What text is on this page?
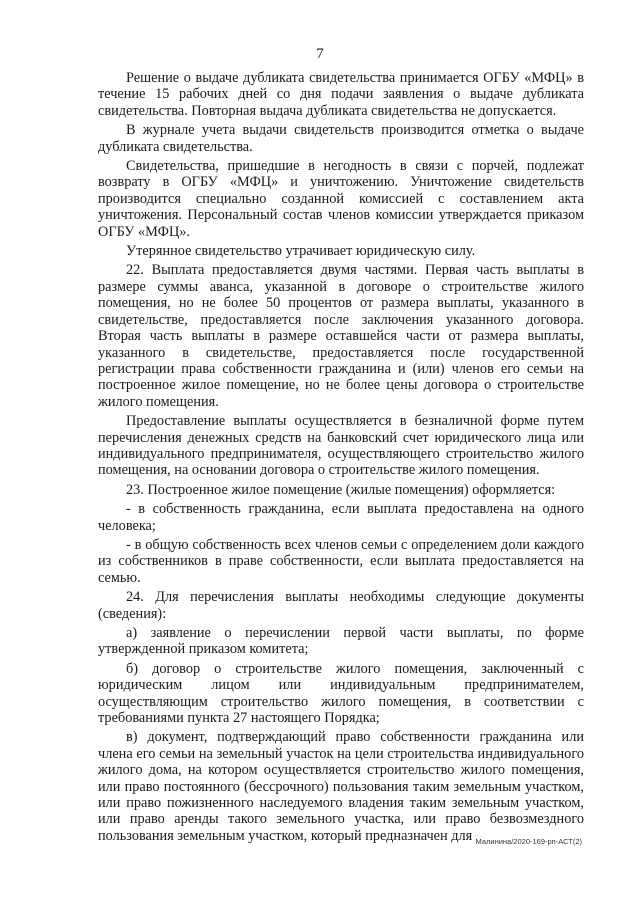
7

Решение о выдаче дубликата свидетельства принимается ОГБУ «МФЦ» в течение 15 рабочих дней со дня подачи заявления о выдаче дубликата свидетельства. Повторная выдача дубликата свидетельства не допускается.

В журнале учета выдачи свидетельств производится отметка о выдаче дубликата свидетельства.

Свидетельства, пришедшие в негодность в связи с порчей, подлежат возврату в ОГБУ «МФЦ» и уничтожению. Уничтожение свидетельств производится специально созданной комиссией с составлением акта уничтожения. Персональный состав членов комиссии утверждается приказом ОГБУ «МФЦ».

Утерянное свидетельство утрачивает юридическую силу.

22. Выплата предоставляется двумя частями. Первая часть выплаты в размере суммы аванса, указанной в договоре о строительстве жилого помещения, но не более 50 процентов от размера выплаты, указанного в свидетельстве, предоставляется после заключения указанного договора. Вторая часть выплаты в размере оставшейся части от размера выплаты, указанного в свидетельстве, предоставляется после государственной регистрации права собственности гражданина и (или) членов его семьи на построенное жилое помещение, но не более цены договора о строительстве жилого помещения.

Предоставление выплаты осуществляется в безналичной форме путем перечисления денежных средств на банковский счет юридического лица или индивидуального предпринимателя, осуществляющего строительство жилого помещения, на основании договора о строительстве жилого помещения.

23. Построенное жилое помещение (жилые помещения) оформляется:

- в собственность гражданина, если выплата предоставлена на одного человека;

- в общую собственность всех членов семьи с определением доли каждого из собственников в праве собственности, если выплата предоставляется на семью.

24. Для перечисления выплаты необходимы следующие документы (сведения):

а) заявление о перечислении первой части выплаты, по форме утвержденной приказом комитета;

б) договор о строительстве жилого помещения, заключенный с юридическим лицом или индивидуальным предпринимателем, осуществляющим строительство жилого помещения, в соответствии с требованиями пункта 27 настоящего Порядка;

в) документ, подтверждающий право собственности гражданина или члена его семьи на земельный участок на цели строительства индивидуального жилого дома, на котором осуществляется строительство жилого помещения, или право постоянного (бессрочного) пользования таким земельным участком, или право пожизненного наследуемого владения таким земельным участком, или право аренды такого земельного участка, или право безвозмездного пользования земельным участком, который предназначен для Малинина/2020-169-рп-АСТ(2)
